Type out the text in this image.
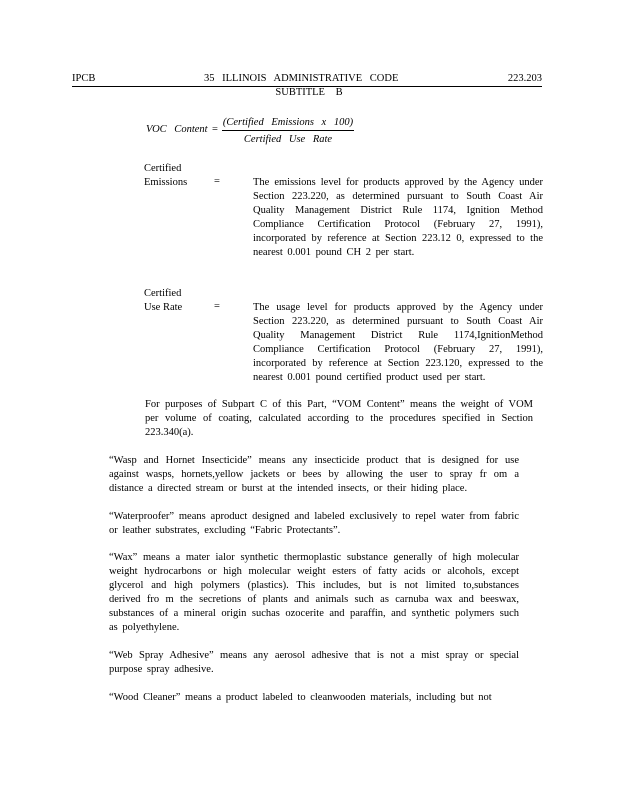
IPCB	35 ILLINOIS ADMINISTRATIVE CODE	223.203
SUBTITLE B
VOC Content =
(Certified Emissions x 100)
Certified Use Rate
Certified
Emissions	=	The emissions level for products approved by the Agency under Section 223.220, as determined pursuant to South Coast Air Quality Management District Rule 1174, Ignition Method Compliance Certification Protocol (February 27, 1991), incorporated by reference at Section 223.12 0, expressed to the nearest 0.001 pound CH 2 per start.
Certified
Use Rate	=	The usage level for products approved by the Agency under Section 223.220, as determined pursuant to South Coast Air Quality Management District Rule 1174,IgnitionMethod Compliance Certification Protocol (February 27, 1991), incorporated by reference at Section 223.120, expressed to the nearest 0.001 pound certified product used per start.
For purposes of Subpart C of this Part, “VOM Content” means the weight of VOM per volume of coating, calculated according to the procedures specified in Section 223.340(a).
“Wasp and Hornet Insecticide” means any insecticide product that is designed for use against wasps, hornets,yellow jackets or bees by allowing the user to spray fr om a distance a directed stream or burst at the intended insects, or their hiding place.
“Waterproofer” means aproduct designed and labeled exclusively to repel water from fabric or leather substrates, excluding “Fabric Protectants”.
“Wax” means a mater ialor synthetic thermoplastic substance generally of high molecular weight hydrocarbons or high molecular weight esters of fatty acids or alcohols, except glycerol and high polymers (plastics). This includes, but is not limited to,substances derived fro m the secretions of plants and animals such as carnuba wax and beeswax, substances of a mineral origin suchas ozocerite and paraffin, and synthetic polymers such as polyethylene.
“Web Spray Adhesive” means any aerosol adhesive that is not a mist spray or special purpose spray adhesive.
“Wood Cleaner” means a product labeled to cleanwooden materials, including but not
